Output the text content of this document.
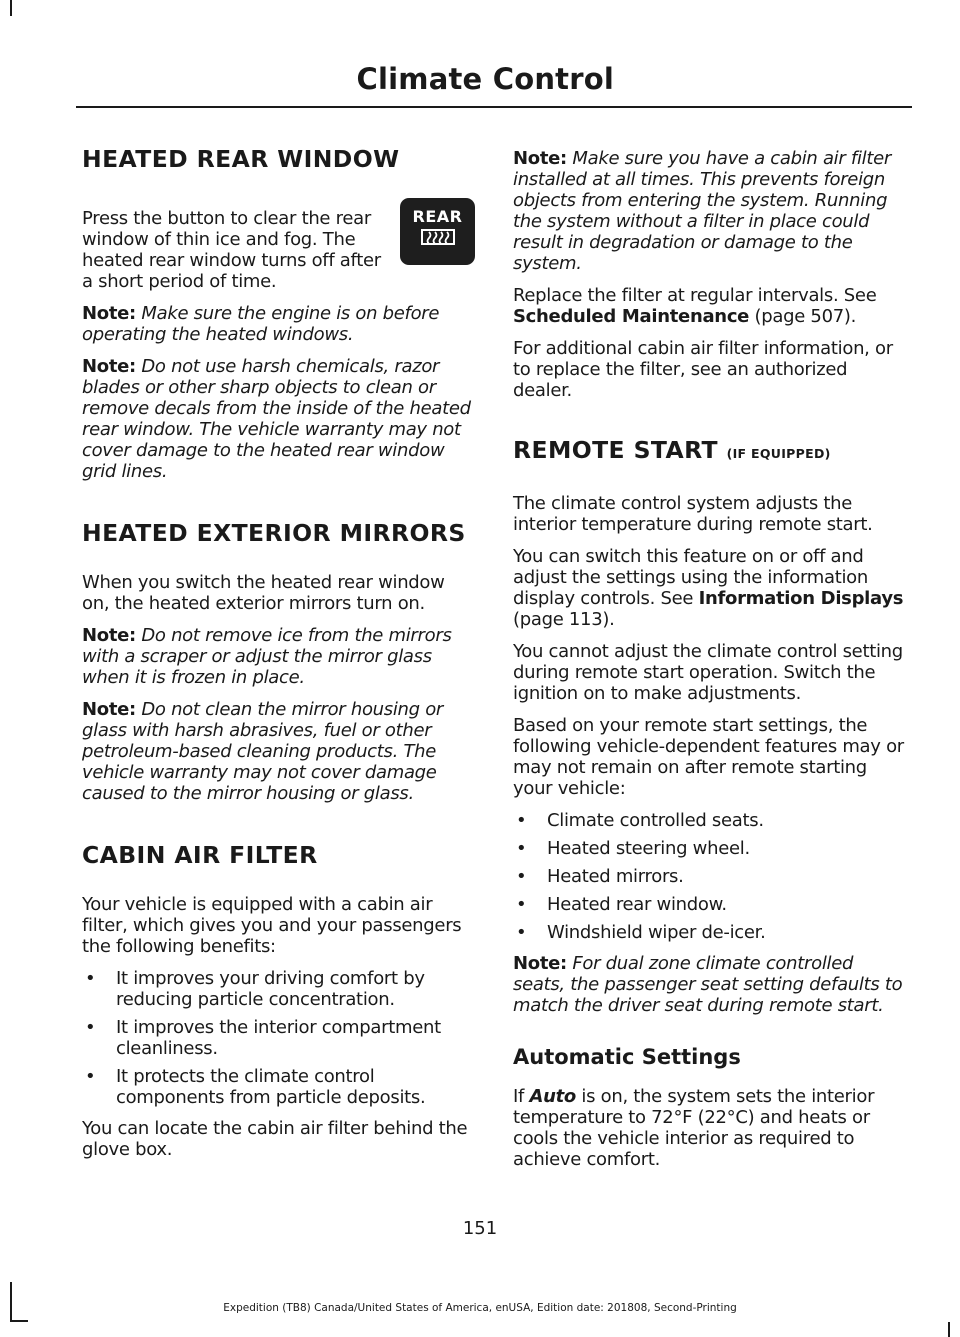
Climate Control
HEATED REAR WINDOW
REAR

Press the button to clear the rear window of thin ice and fog. The heated rear window turns off after a short period of time.

Note: Make sure the engine is on before operating the heated windows.

Note: Do not use harsh chemicals, razor blades or other sharp objects to clean or remove decals from the inside of the heated rear window. The vehicle warranty may not cover damage to the heated rear window grid lines.

HEATED EXTERIOR MIRRORS

When you switch the heated rear window on, the heated exterior mirrors turn on.

Note: Do not remove ice from the mirrors with a scraper or adjust the mirror glass when it is frozen in place.

Note: Do not clean the mirror housing or glass with harsh abrasives, fuel or other petroleum-based cleaning products. The vehicle warranty may not cover damage caused to the mirror housing or glass.

CABIN AIR FILTER

Your vehicle is equipped with a cabin air filter, which gives you and your passengers the following benefits:

• It improves your driving comfort by reducing particle concentration.
• It improves the interior compartment cleanliness.
• It protects the climate control components from particle deposits.

You can locate the cabin air filter behind the glove box.

Note: Make sure you have a cabin air filter installed at all times. This prevents foreign objects from entering the system. Running the system without a filter in place could result in degradation or damage to the system.

Replace the filter at regular intervals. See Scheduled Maintenance (page 507).

For additional cabin air filter information, or to replace the filter, see an authorized dealer.

REMOTE START (IF EQUIPPED)

The climate control system adjusts the interior temperature during remote start.

You can switch this feature on or off and adjust the settings using the information display controls. See Information Displays (page 113).

You cannot adjust the climate control setting during remote start operation. Switch the ignition on to make adjustments.

Based on your remote start settings, the following vehicle-dependent features may or may not remain on after remote starting your vehicle:

• Climate controlled seats.
• Heated steering wheel.
• Heated mirrors.
• Heated rear window.
• Windshield wiper de-icer.

Note: For dual zone climate controlled seats, the passenger seat setting defaults to match the driver seat during remote start.

Automatic Settings

If Auto is on, the system sets the interior temperature to 72°F (22°C) and heats or cools the vehicle interior as required to achieve comfort.

151
Expedition (TB8) Canada/United States of America, enUSA, Edition date: 201808, Second-Printing
